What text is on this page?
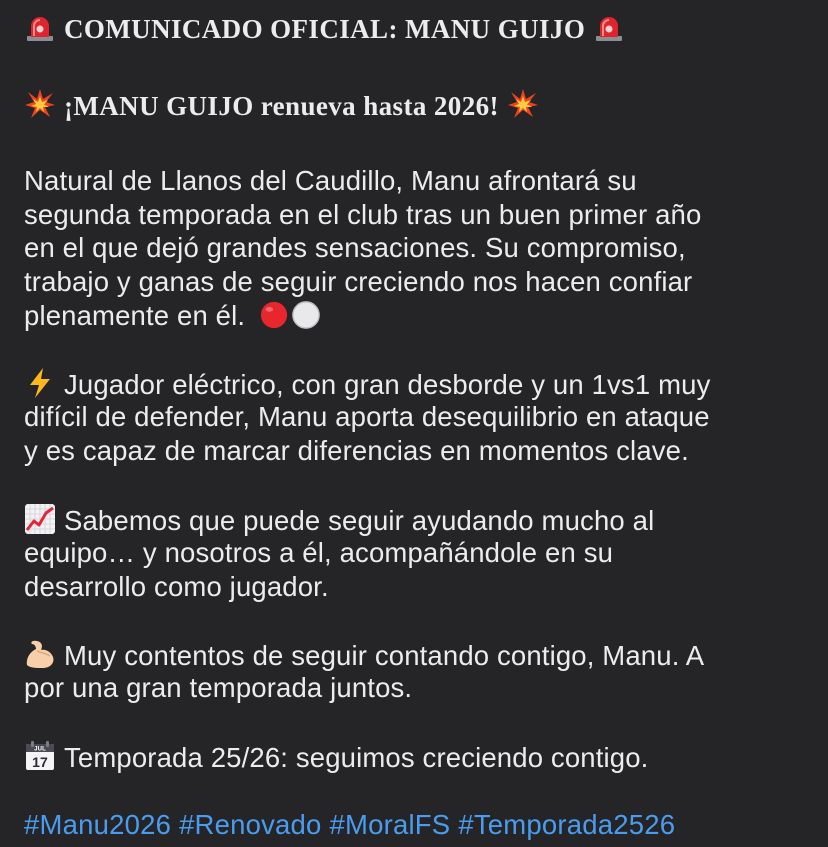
COMUNICADO OFICIAL: MANU GUIJO
¡MANU GUIJO renueva hasta 2026!
Natural de Llanos del Caudillo, Manu afrontará su
segunda temporada en el club tras un buen primer año
en el que dejó grandes sensaciones. Su compromiso,
trabajo y ganas de seguir creciendo nos hacen confiar
plenamente en él.
Jugador eléctrico, con gran desborde y un 1vs1 muy
difícil de defender, Manu aporta desequilibrio en ataque
y es capaz de marcar diferencias en momentos clave.
Sabemos que puede seguir ayudando mucho al
equipo… y nosotros a él, acompañándole en su
desarrollo como jugador.
Muy contentos de seguir contando contigo, Manu. A
por una gran temporada juntos.
JUL
17 Temporada 25/26: seguimos creciendo contigo.
#Manu2026 #Renovado #MoralFS #Temporada2526
